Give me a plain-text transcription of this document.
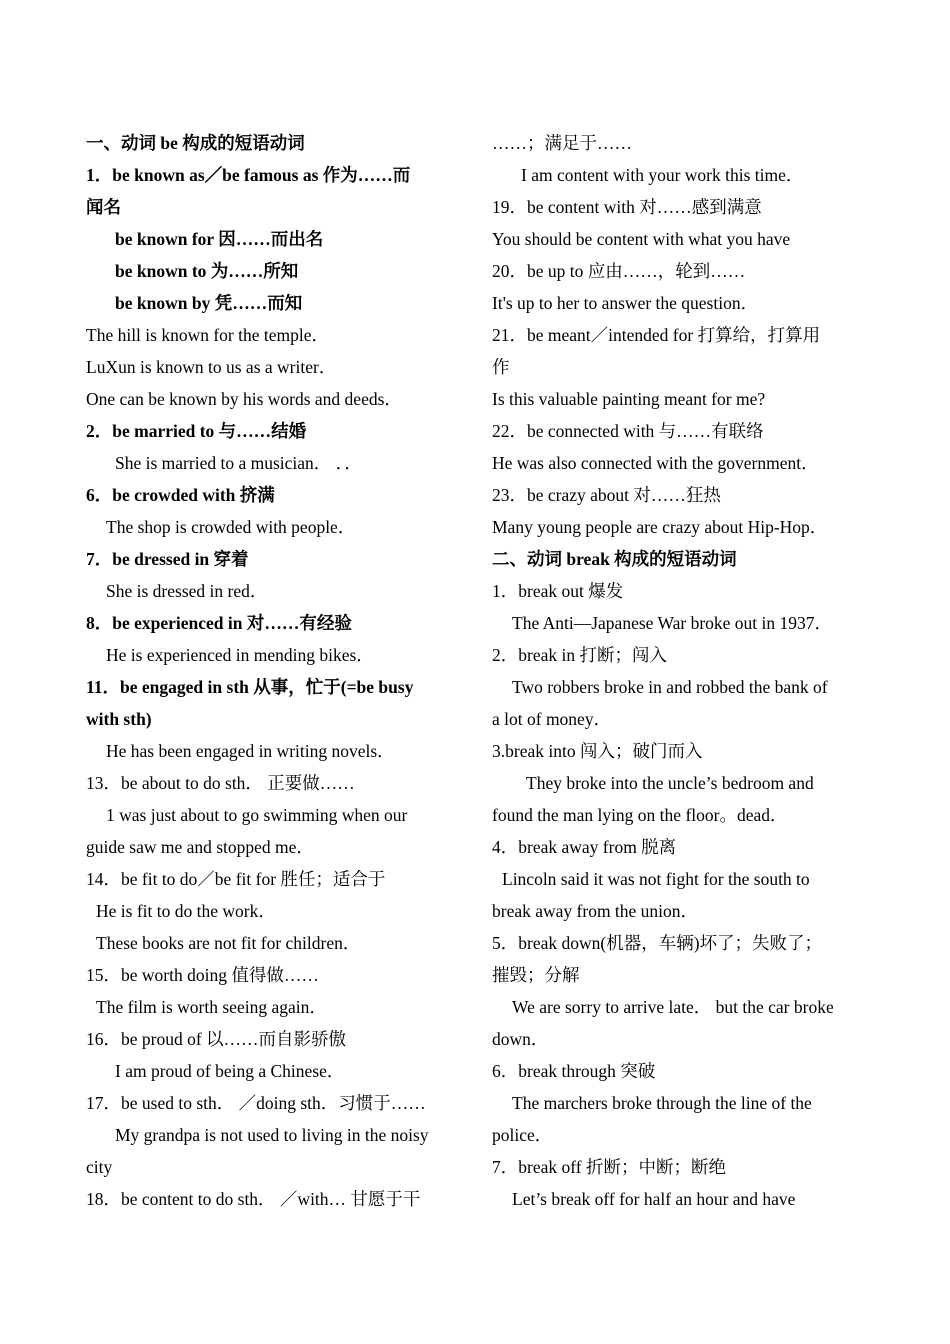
一、动词 be 构成的短语动词
1．be known as／be famous as 作为……而
闻名
be known for 因……而出名
be known to 为……所知
be known by 凭……而知
The hill is known for the temple．
LuXun is known to us as a writer．
One can be known by his words and deeds．
2．be married to 与……结婚
She is married to a musician． ．．
6．be crowded with 挤满
The shop is crowded with people．
7．be dressed in 穿着
She is dressed in red．
8．be experienced in 对……有经验
He is experienced in mending bikes．
11．be engaged in sth 从事，忙于(=be busy
with sth)
He has been engaged in writing novels．
13．be about to do sth． 正要做……
1 was just about to go swimming when our
guide saw me and stopped me．
14．be fit to do／be fit for 胜任；适合于
He is fit to do the work．
These books are not fit for children．
15．be worth doing 值得做……
The film is worth seeing again．
16．be proud of 以……而自影骄傲
I am proud of being a Chinese．
17．be used to sth． ／doing sth．习惯于……
My grandpa is not used to living in the noisy
city
18．be content to do sth． ／with… 甘愿于干
……；满足于……
I am content with your work this time．
19．be content with 对……感到满意
You should be content with what you have
20．be up to 应由……，轮到……
It's up to her to answer the question．
21．be meant／intended for 打算给，打算用
作
Is this valuable painting meant for me?
22．be connected with 与……有联络
He was also connected with the government．
23．be crazy about 对……狂热
Many young people are crazy about Hip-Hop．
二、动词 break 构成的短语动词
1．break out 爆发
The Anti—Japanese War broke out in 1937．
2．break in 打断；闯入
Two robbers broke in and robbed the bank of
a lot of money．
3.break into 闯入；破门而入
They broke into the uncle’s bedroom and
found the man lying on the floor。dead．
4．break away from 脱离
Lincoln said it was not fight for the south to
break away from the union．
5．break down(机器，车辆)坏了；失败了；
摧毁；分解
We are sorry to arrive late． but the car broke
down．
6．break through 突破
The marchers broke through the line of the
police．
7．break off 折断；中断；断绝
Let’s break off for half an hour and have
